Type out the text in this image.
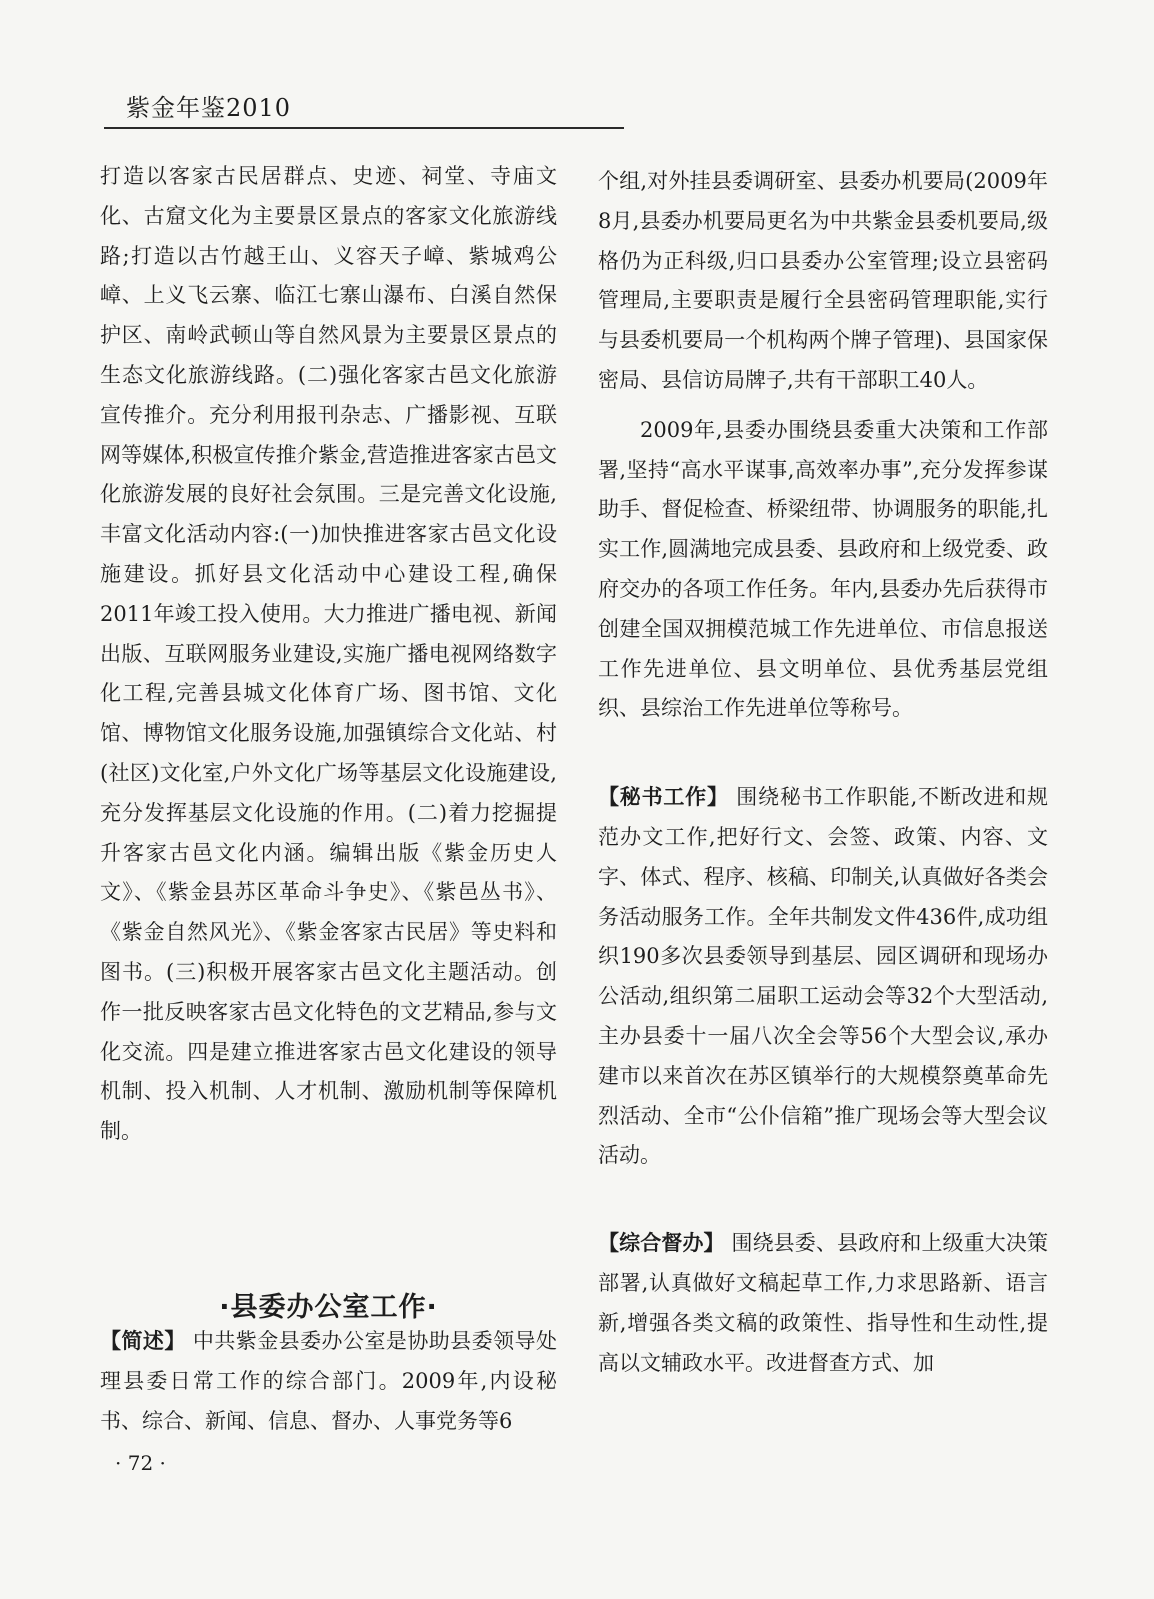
紫金年鉴2010

打造以客家古民居群点、史迹、祠堂、寺庙文化、古窟文化为主要景区景点的客家文化旅游线路;打造以古竹越王山、义容天子嶂、紫城鸡公嶂、上义飞云寨、临江七寨山瀑布、白溪自然保护区、南岭武顿山等自然风景为主要景区景点的生态文化旅游线路。(二)强化客家古邑文化旅游宣传推介。充分利用报刊杂志、广播影视、互联网等媒体,积极宣传推介紫金,营造推进客家古邑文化旅游发展的良好社会氛围。三是完善文化设施,丰富文化活动内容:(一)加快推进客家古邑文化设施建设。抓好县文化活动中心建设工程,确保2011年竣工投入使用。大力推进广播电视、新闻出版、互联网服务业建设,实施广播电视网络数字化工程,完善县城文化体育广场、图书馆、文化馆、博物馆文化服务设施,加强镇综合文化站、村(社区)文化室,户外文化广场等基层文化设施建设,充分发挥基层文化设施的作用。(二)着力挖掘提升客家古邑文化内涵。编辑出版《紫金历史人文》、《紫金县苏区革命斗争史》、《紫邑丛书》、《紫金自然风光》、《紫金客家古民居》等史料和图书。(三)积极开展客家古邑文化主题活动。创作一批反映客家古邑文化特色的文艺精品,参与文化交流。四是建立推进客家古邑文化建设的领导机制、投入机制、人才机制、激励机制等保障机制。

·县委办公室工作·

【简述】 中共紫金县委办公室是协助县委领导处理县委日常工作的综合部门。2009年,内设秘书、综合、新闻、信息、督办、人事党务等6

个组,对外挂县委调研室、县委办机要局(2009年8月,县委办机要局更名为中共紫金县委机要局,级格仍为正科级,归口县委办公室管理;设立县密码管理局,主要职责是履行全县密码管理职能,实行与县委机要局一个机构两个牌子管理)、县国家保密局、县信访局牌子,共有干部职工40人。

2009年,县委办围绕县委重大决策和工作部署,坚持“高水平谋事,高效率办事”,充分发挥参谋助手、督促检查、桥梁纽带、协调服务的职能,扎实工作,圆满地完成县委、县政府和上级党委、政府交办的各项工作任务。年内,县委办先后获得市创建全国双拥模范城工作先进单位、市信息报送工作先进单位、县文明单位、县优秀基层党组织、县综治工作先进单位等称号。

【秘书工作】 围绕秘书工作职能,不断改进和规范办文工作,把好行文、会签、政策、内容、文字、体式、程序、核稿、印制关,认真做好各类会务活动服务工作。全年共制发文件436件,成功组织190多次县委领导到基层、园区调研和现场办公活动,组织第二届职工运动会等32个大型活动,主办县委十一届八次全会等56个大型会议,承办建市以来首次在苏区镇举行的大规模祭奠革命先烈活动、全市“公仆信箱”推广现场会等大型会议活动。

【综合督办】 围绕县委、县政府和上级重大决策部署,认真做好文稿起草工作,力求思路新、语言新,增强各类文稿的政策性、指导性和生动性,提高以文辅政水平。改进督查方式、加

· 72 ·
